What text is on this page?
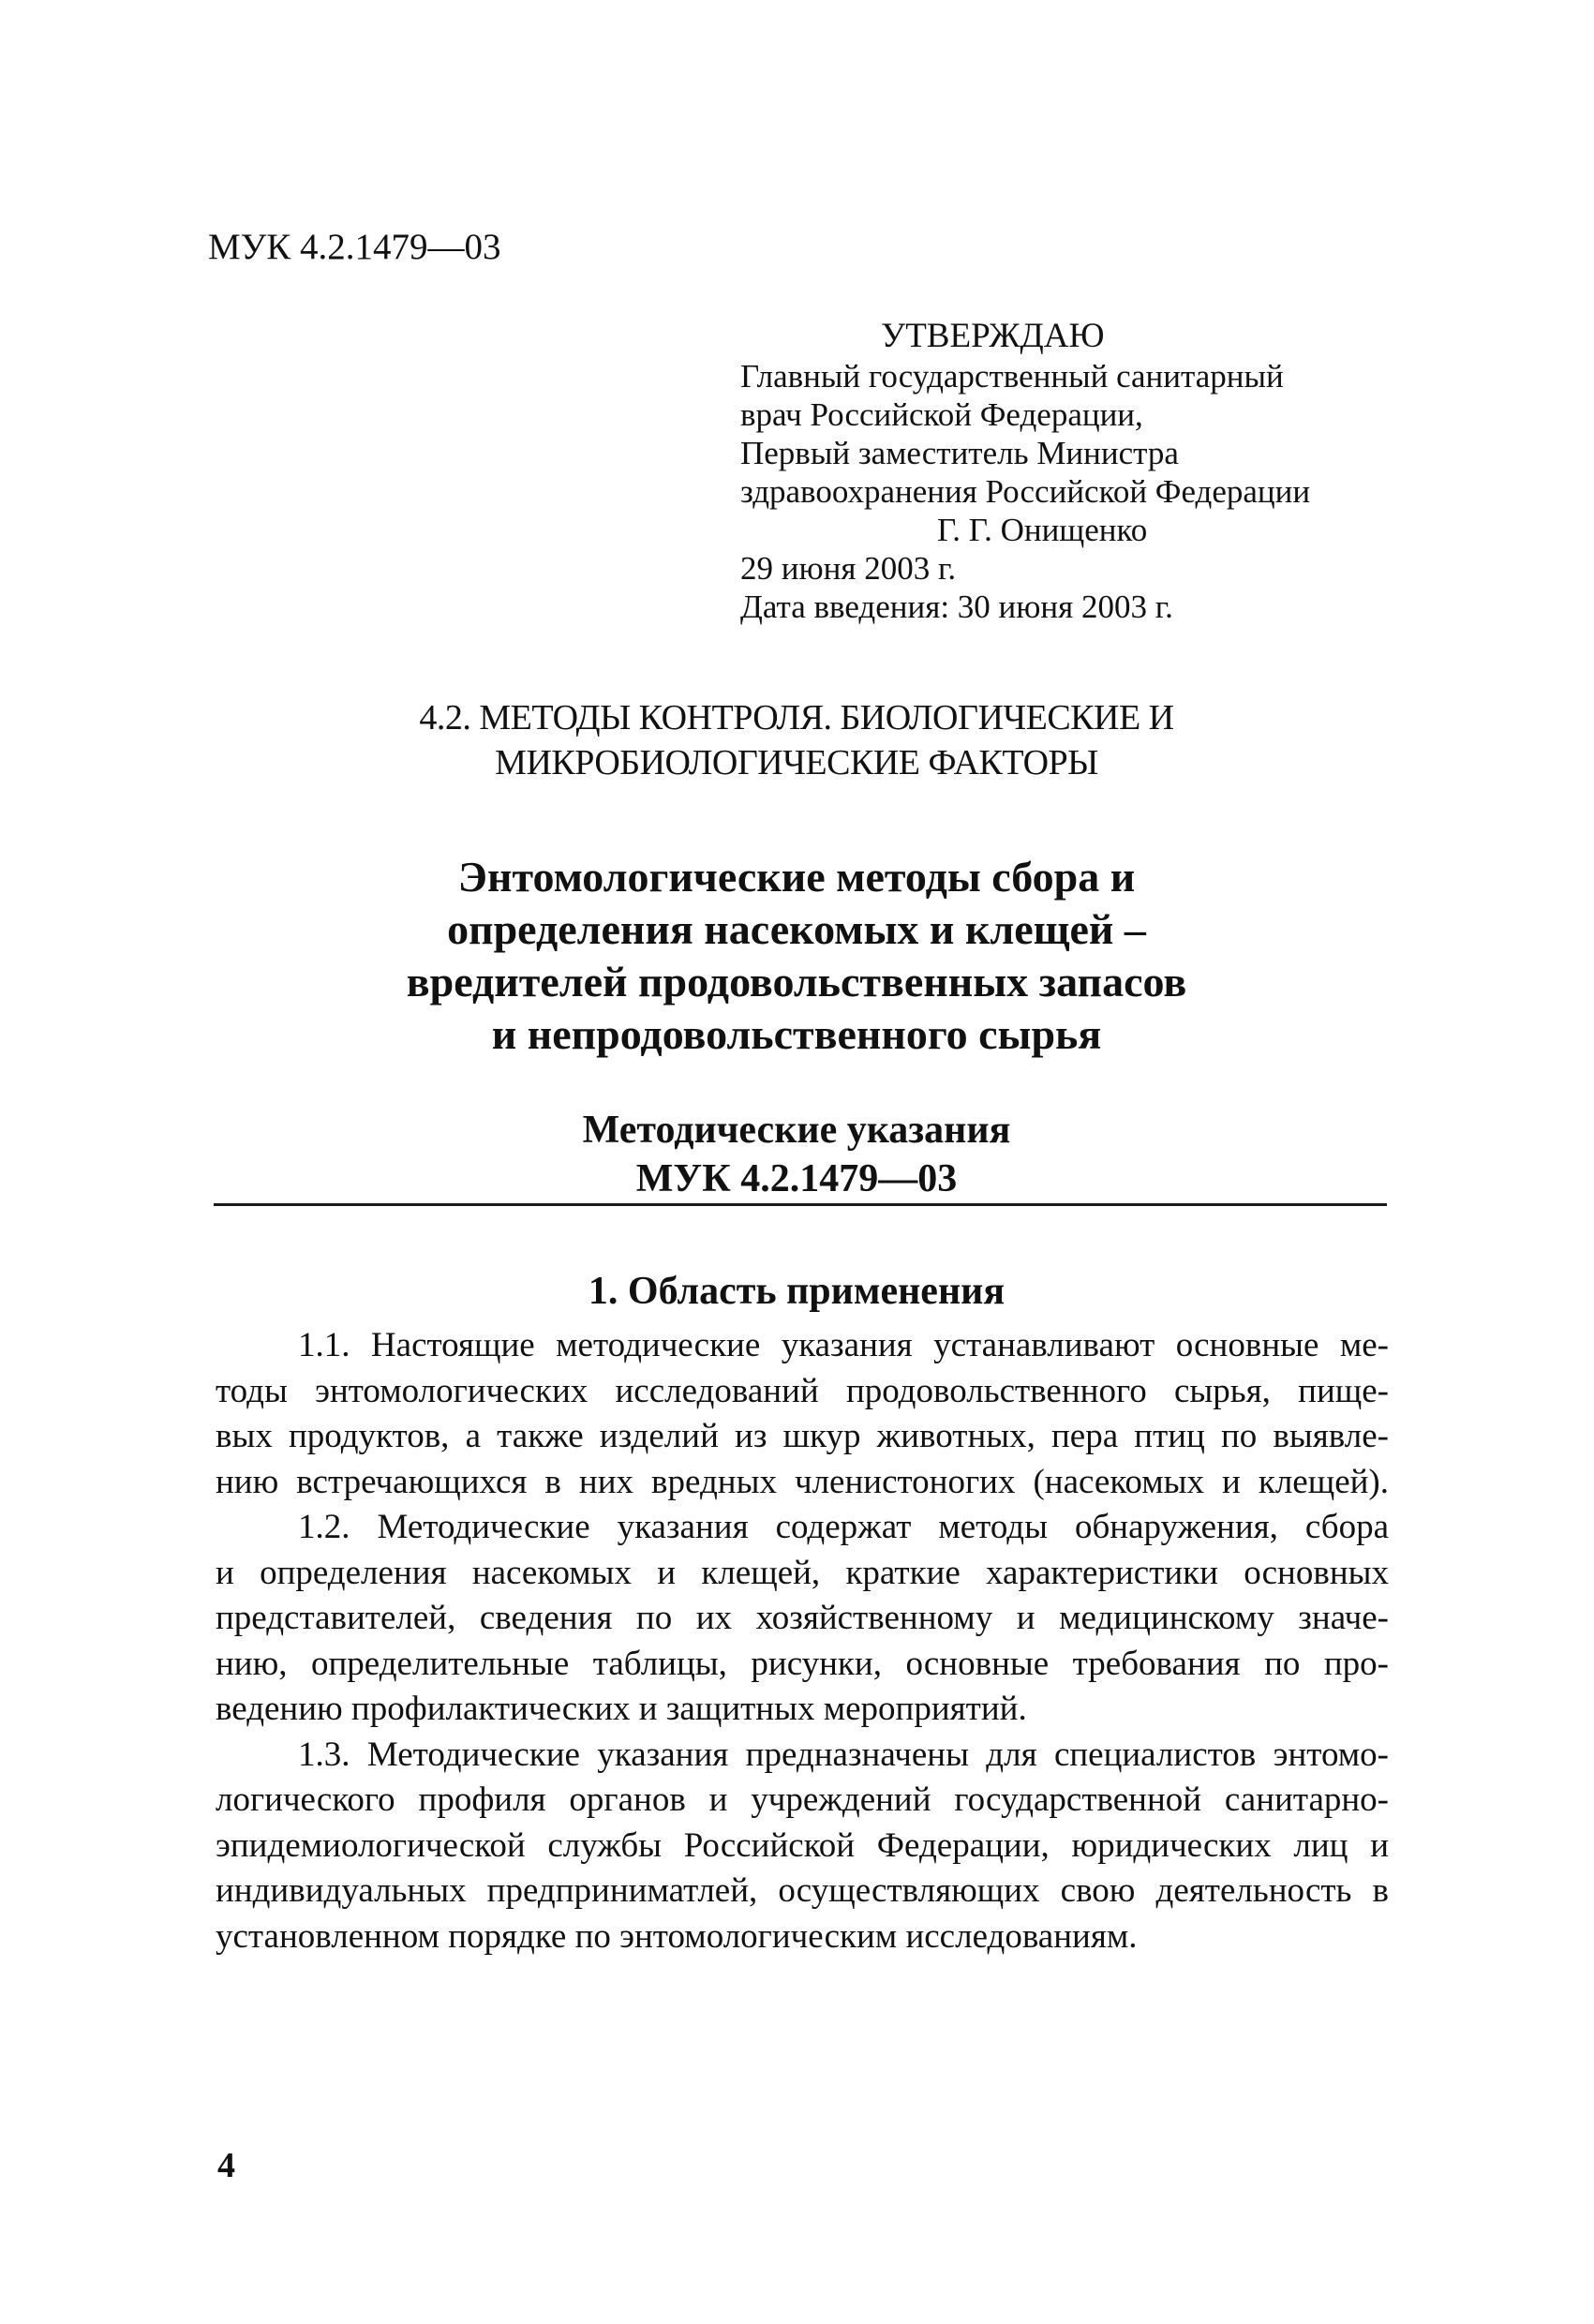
МУК 4.2.1479—03
УТВЕРЖДАЮ
Главный государственный санитарный
врач Российской Федерации,
Первый заместитель Министра
здравоохранения Российской Федерации
Г. Г. Онищенко
29 июня 2003 г.
Дата введения: 30 июня 2003 г.
4.2. МЕТОДЫ КОНТРОЛЯ. БИОЛОГИЧЕСКИЕ И
МИКРОБИОЛОГИЧЕСКИЕ ФАКТОРЫ
Энтомологические методы сбора и
определения насекомых и клещей –
вредителей продовольственных запасов
и непродовольственного сырья
Методические указания
МУК 4.2.1479—03
1. Область применения

1.1. Настоящие методические указания устанавливают основные ме-
тоды энтомологических исследований продовольственного сырья, пище-
вых продуктов, а также изделий из шкур животных, пера птиц по выявле-
нию встречающихся в них вредных членистоногих (насекомых и клещей).

1.2. Методические указания содержат методы обнаружения, сбора
и определения насекомых и клещей, краткие характеристики основных
представителей, сведения по их хозяйственному и медицинскому значе-
нию, определительные таблицы, рисунки, основные требования по про-
ведению профилактических и защитных мероприятий.

1.3. Методические указания предназначены для специалистов энтомо-
логического профиля органов и учреждений государственной санитарно-
эпидемиологической службы Российской Федерации, юридических лиц и
индивидуальных предприниматлей, осуществляющих свою деятельность в
установленном порядке по энтомологическим исследованиям.

4
